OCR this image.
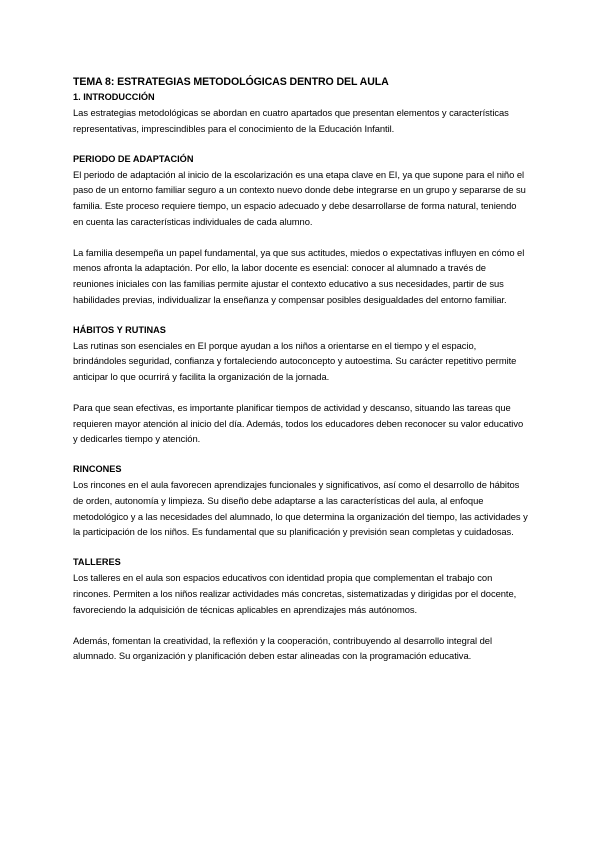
TEMA 8: ESTRATEGIAS METODOLÓGICAS DENTRO DEL AULA
1. INTRODUCCIÓN

Las estrategias metodológicas se abordan en cuatro apartados que presentan elementos y características representativas, imprescindibles para el conocimiento de la Educación Infantil.

PERIODO DE ADAPTACIÓN

El periodo de adaptación al inicio de la escolarización es una etapa clave en EI, ya que supone para el niño el paso de un entorno familiar seguro a un contexto nuevo donde debe integrarse en un grupo y separarse de su familia. Este proceso requiere tiempo, un espacio adecuado y debe desarrollarse de forma natural, teniendo en cuenta las características individuales de cada alumno.

La familia desempeña un papel fundamental, ya que sus actitudes, miedos o expectativas influyen en cómo el menos afronta la adaptación. Por ello, la labor docente es esencial: conocer al alumnado a través de reuniones iniciales con las familias permite ajustar el contexto educativo a sus necesidades, partir de sus habilidades previas, individualizar la enseñanza y compensar posibles desigualdades del entorno familiar.

HÁBITOS Y RUTINAS

Las rutinas son esenciales en EI porque ayudan a los niños a orientarse en el tiempo y el espacio, brindándoles seguridad, confianza y fortaleciendo autoconcepto y autoestima. Su carácter repetitivo permite anticipar lo que ocurrirá y facilita la organización de la jornada.

Para que sean efectivas, es importante planificar tiempos de actividad y descanso, situando las tareas que requieren mayor atención al inicio del día. Además, todos los educadores deben reconocer su valor educativo y dedicarles tiempo y atención.

RINCONES

Los rincones en el aula favorecen aprendizajes funcionales y significativos, así como el desarrollo de hábitos de orden, autonomía y limpieza. Su diseño debe adaptarse a las características del aula, al enfoque metodológico y a las necesidades del alumnado, lo que determina la organización del tiempo, las actividades y la participación de los niños. Es fundamental que su planificación y previsión sean completas y cuidadosas.

TALLERES

Los talleres en el aula son espacios educativos con identidad propia que complementan el trabajo con rincones. Permiten a los niños realizar actividades más concretas, sistematizadas y dirigidas por el docente, favoreciendo la adquisición de técnicas aplicables en aprendizajes más autónomos.

Además, fomentan la creatividad, la reflexión y la cooperación, contribuyendo al desarrollo integral del alumnado. Su organización y planificación deben estar alineadas con la programación educativa.
